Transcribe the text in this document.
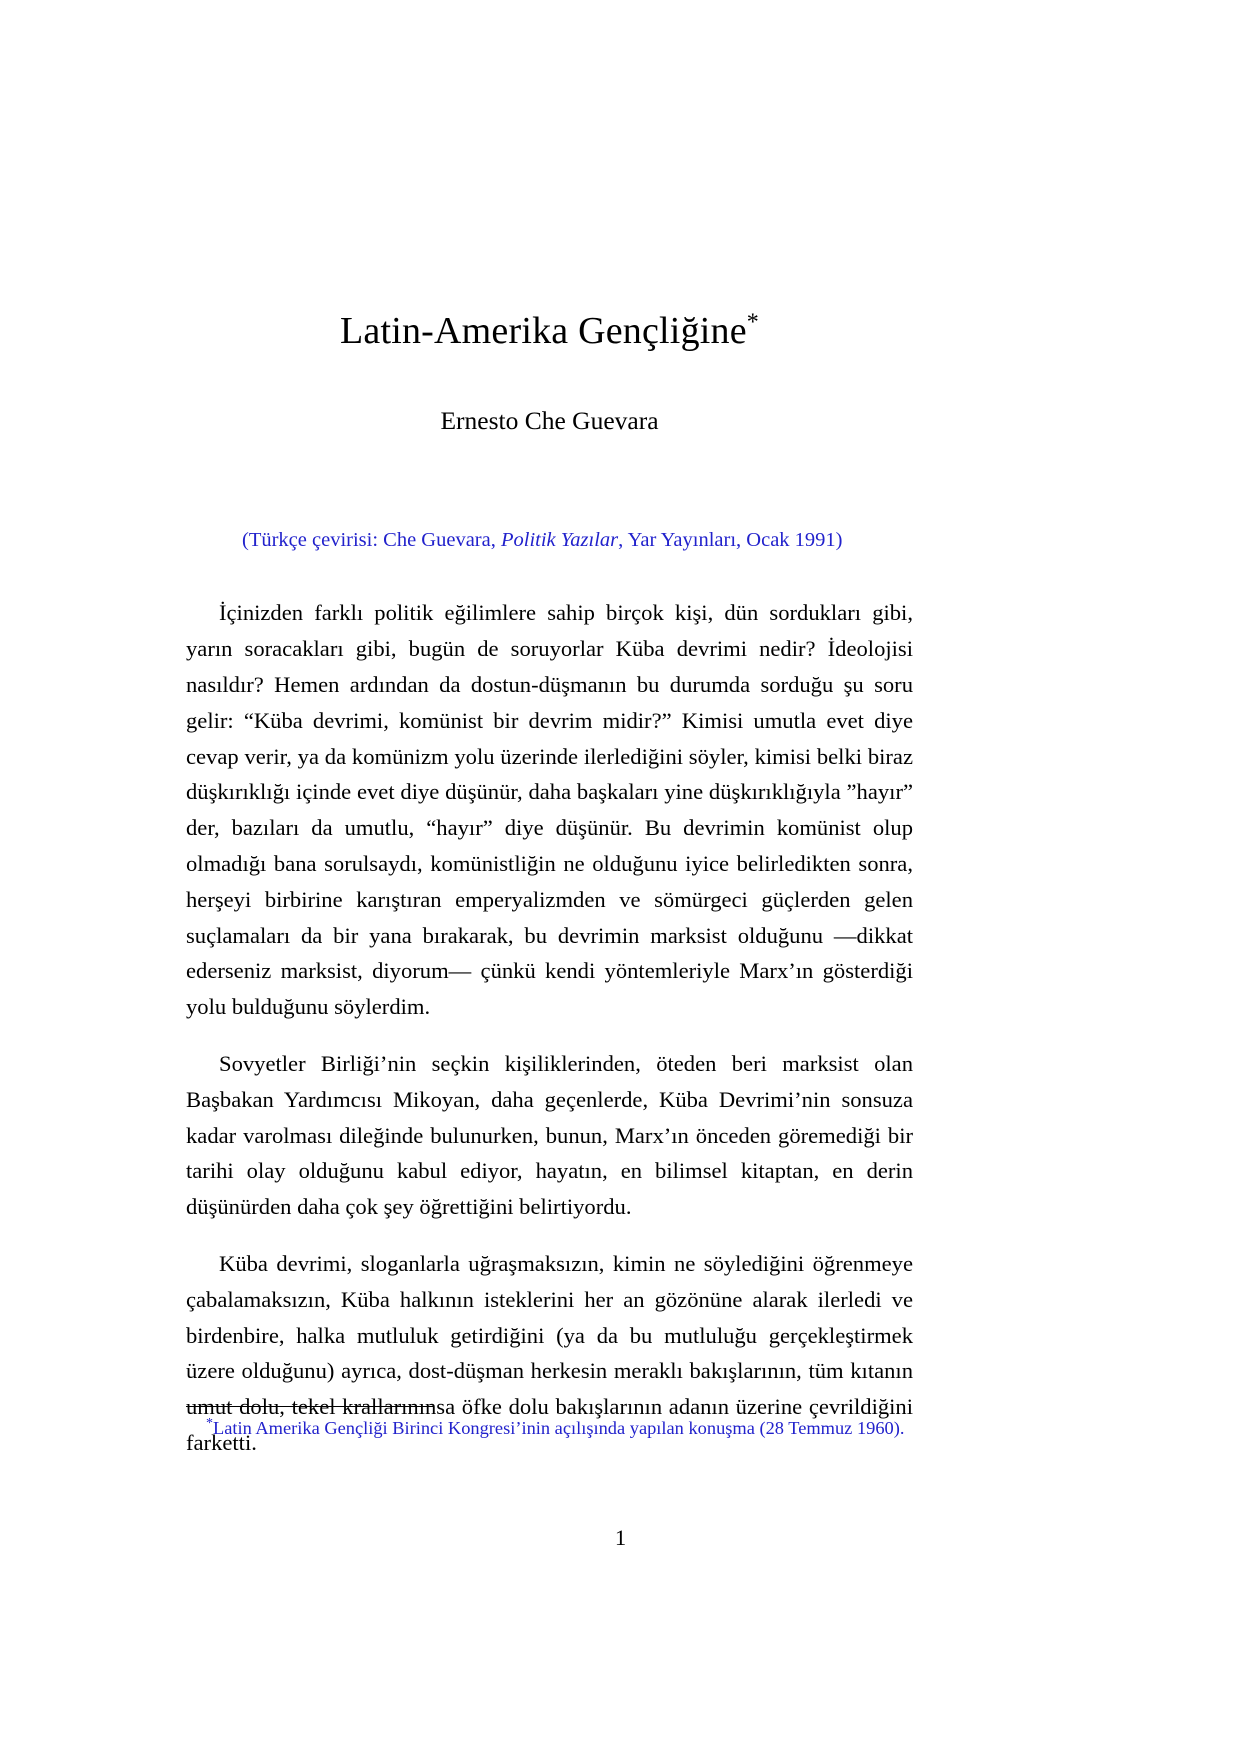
Latin-Amerika Gençliğine*
Ernesto Che Guevara

(Türkçe çevirisi: Che Guevara, Politik Yazılar, Yar Yayınları, Ocak 1991)

İçinizden farklı politik eğilimlere sahip birçok kişi, dün sordukları gibi, yarın soracakları gibi, bugün de soruyorlar Küba devrimi nedir? İdeolojisi nasıldır? Hemen ardından da dostun-düşmanın bu durumda sorduğu şu soru gelir: “Küba devrimi, komünist bir devrim midir?” Kimisi umutla evet diye cevap verir, ya da komünizm yolu üzerinde ilerlediğini söyler, kimisi belki biraz düşkırıklığı içinde evet diye düşünür, daha başkaları yine düşkırıklığıyla ”hayır” der, bazıları da umutlu, “hayır” diye düşünür. Bu devrimin komünist olup olmadığı bana sorulsaydı, komünistliğin ne olduğunu iyice belirledikten sonra, herşeyi birbirine karıştıran emperyalizmden ve sömürgeci güçlerden gelen suçlamaları da bir yana bırakarak, bu devrimin marksist olduğunu —dikkat ederseniz marksist, diyorum— çünkü kendi yöntemleriyle Marx’ın gösterdiği yolu bulduğunu söylerdim.

Sovyetler Birliği’nin seçkin kişiliklerinden, öteden beri marksist olan Başbakan Yardımcısı Mikoyan, daha geçenlerde, Küba Devrimi’nin sonsuza kadar varolması dileğinde bulunurken, bunun, Marx’ın önceden göremediği bir tarihi olay olduğunu kabul ediyor, hayatın, en bilimsel kitaptan, en derin düşünürden daha çok şey öğrettiğini belirtiyordu.

Küba devrimi, sloganlarla uğraşmaksızın, kimin ne söylediğini öğrenmeye çabalamaksızın, Küba halkının isteklerini her an gözönüne alarak ilerledi ve birdenbire, halka mutluluk getirdiğini (ya da bu mutluluğu gerçekleştirmek üzere olduğunu) ayrıca, dost-düşman herkesin meraklı bakışlarının, tüm kıtanın umut dolu, tekel krallarınınsa öfke dolu bakışlarının adanın üzerine çevrildiğini farketti.

*Latin Amerika Gençliği Birinci Kongresi’inin açılışında yapılan konuşma (28 Temmuz 1960).

1
